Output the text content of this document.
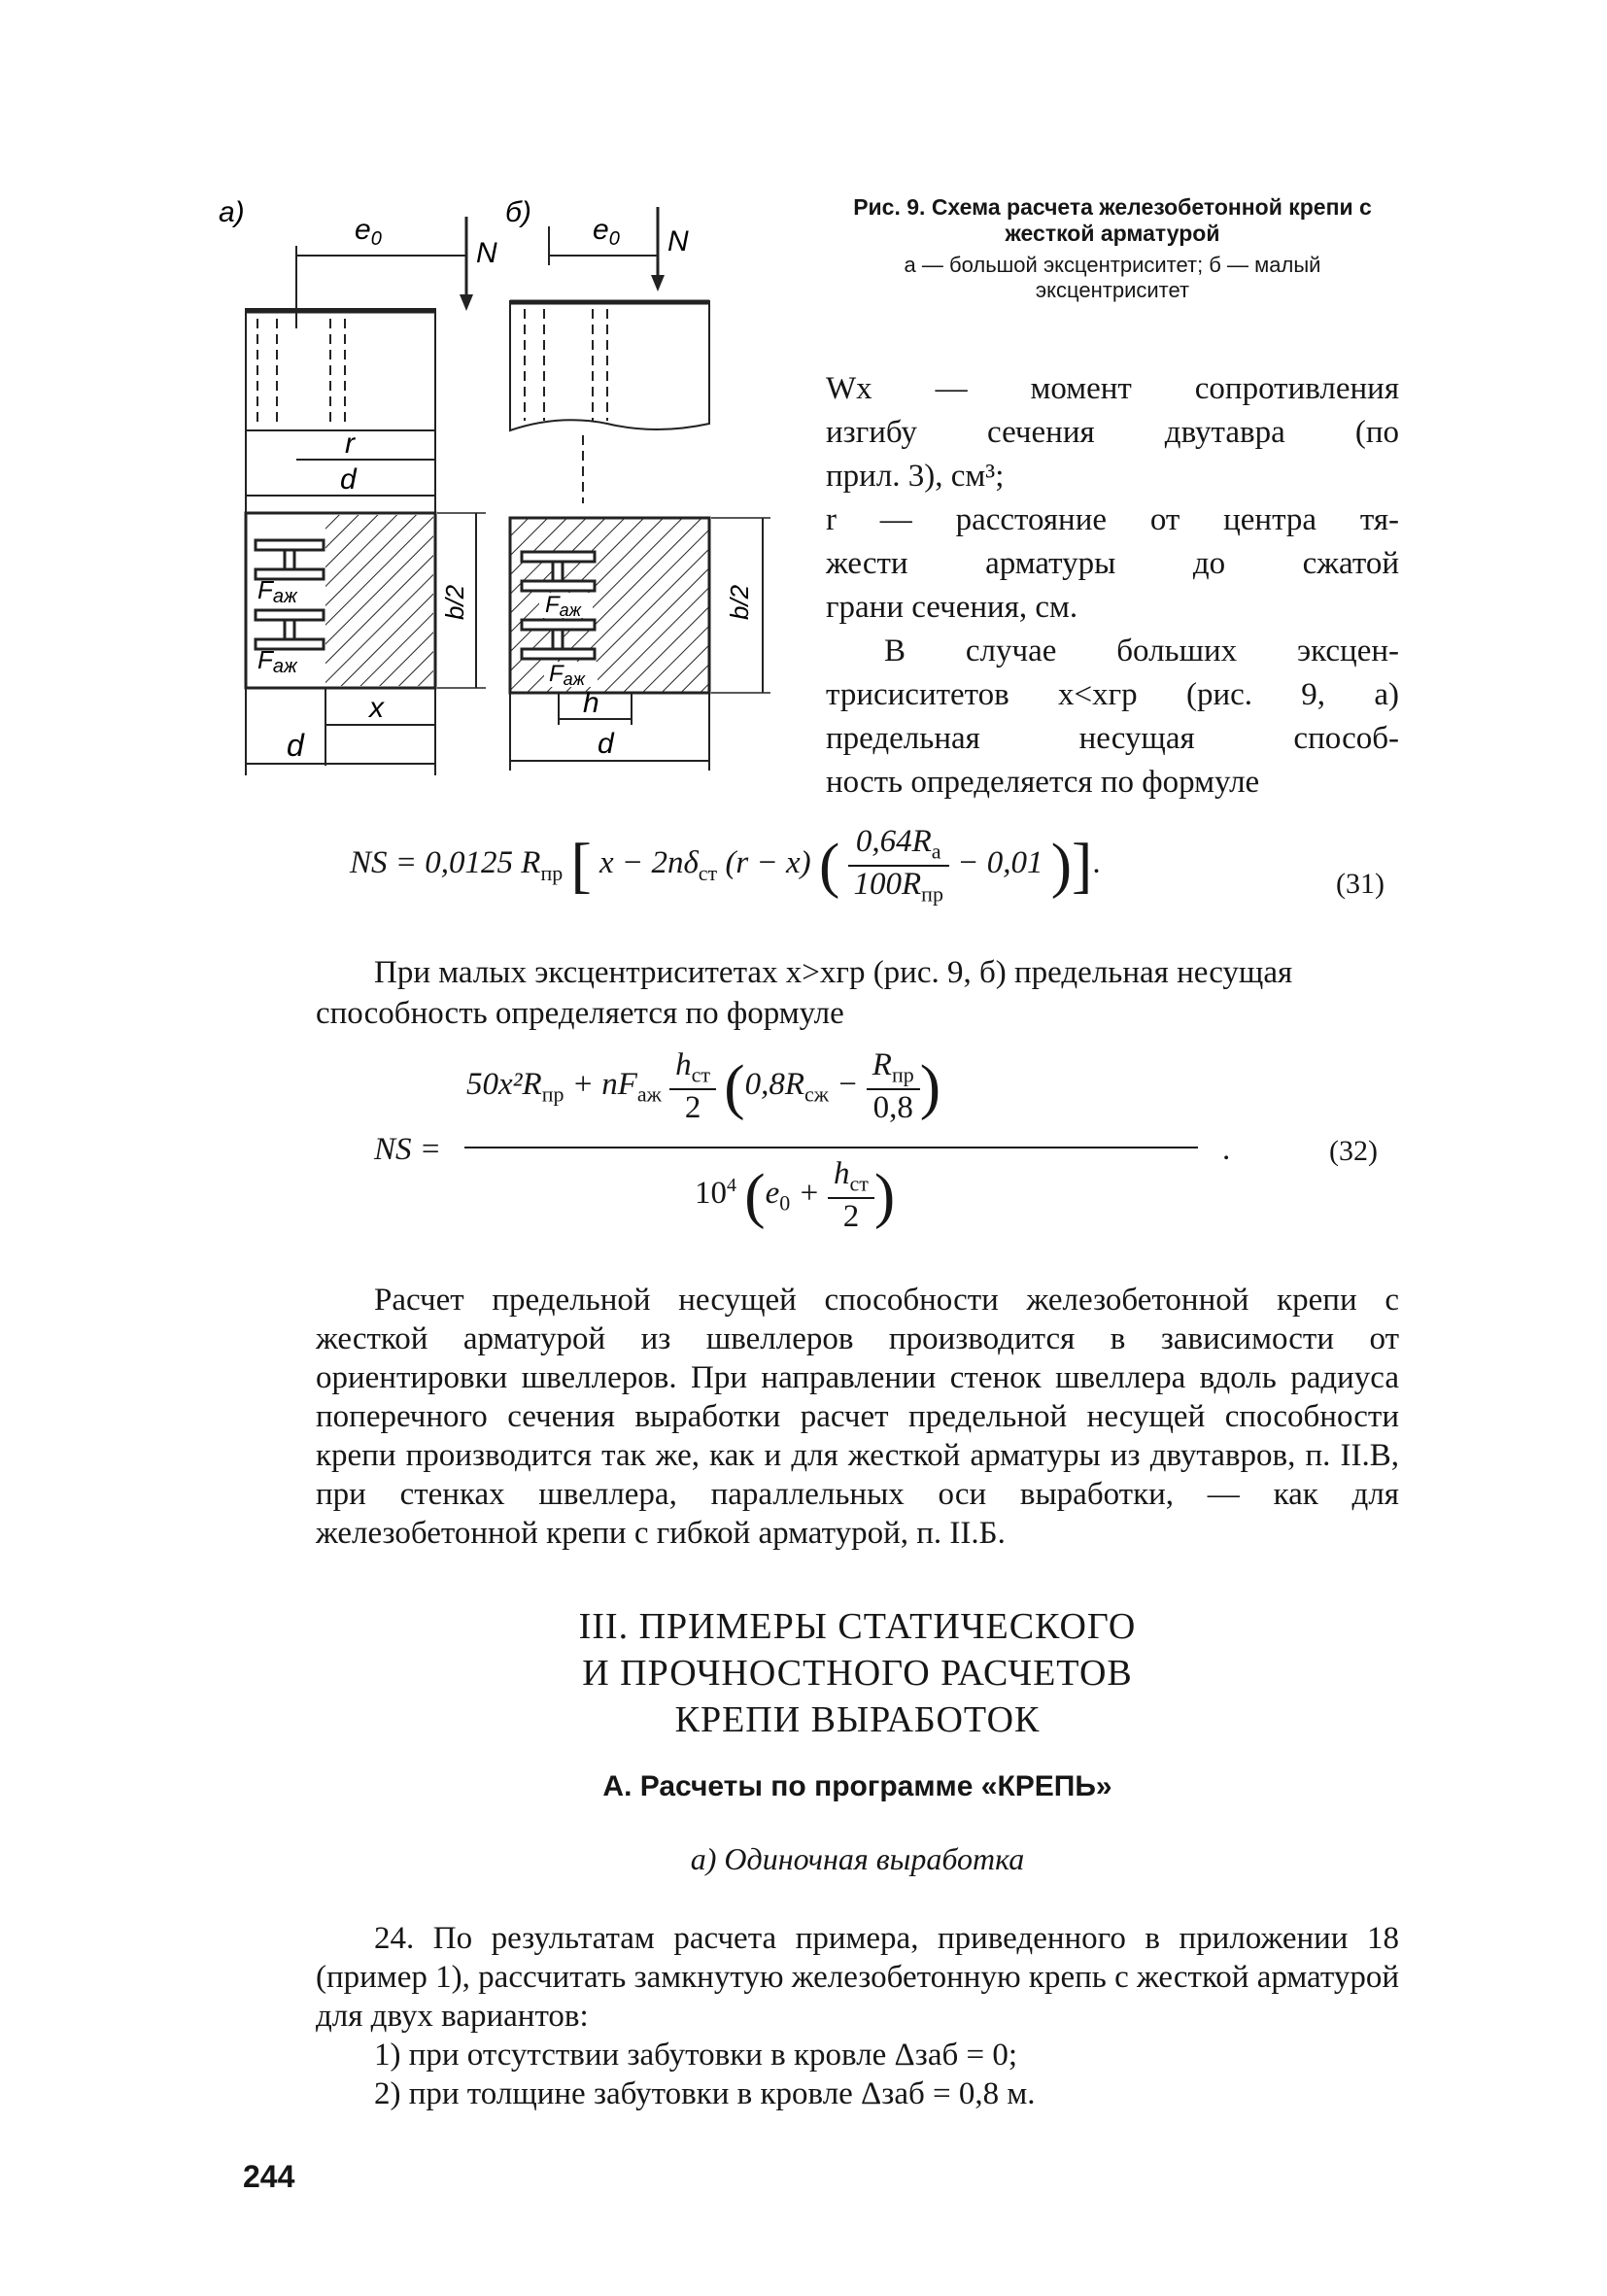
a)
$e_0$	N
r
d
Fаж
Fаж
b/2
x
d
б)
$e_0$ N
Fаж
Fаж
b/2
h
d
Рис. 9. Схема расчета железобетонной крепи с жесткой арматурой
а — большой эксцентриситет; б — малый эксцентриситет
Wx — момент сопротивления
изгибу сечения двутавра (по
прил. 3), см³;
r — расстояние от центра тя-
жести арматуры до сжатой
грани сечения, см.
В случае больших эксцен-
трисиситетов x<xгр (рис. 9, a)
предельная несущая способ-
ность определяется по формуле
NS = 0,0125 $R_{пр}$ [ $x - 2n\delta_{ст}$ (r − x) ( $\frac{0,64R_а}{100R_{пр}} - 0,01$ )].
(31)
При малых эксцентриситетах x>xгр (рис. 9, б) предельная несущая способность определяется по формуле
NS =
$50x^2R_{пр} + nF_{аж} \frac{h_{ст}}{2} (0,8R_{сж} - \frac{R_{пр}}{0,8}$ )
.
$10^4$ ($e_0 + \frac{h_{ст}}{2}$ )
(32)
Расчет предельной несущей способности железобетонной крепи с жесткой арматурой из швеллеров производится в зависимости от ориентировки швеллеров. При направлении стенок швеллера вдоль радиуса поперечного сечения выработки расчет предельной несущей способности крепи производится так же, как и для жесткой арматуры из двутавров, п. II.В, при стенках швеллера, параллельных оси выработки, — как для железобетонной крепи с гибкой арматурой, п. II.Б.
III. ПРИМЕРЫ СТАТИЧЕСКОГО
И ПРОЧНОСТНОГО РАСЧЕТОВ
КРЕПИ ВЫРАБОТОК
А. Расчеты по программе «КРЕПЬ»
а) Одиночная выработка
24. По результатам расчета примера, приведенного в приложении 18 (пример 1), рассчитать замкнутую железобетонную крепь с жесткой арматурой для двух вариантов:
1) при отсутствии забутовки в кровле Δзаб = 0;
2) при толщине забутовки в кровле Δзаб = 0,8 м.
244
